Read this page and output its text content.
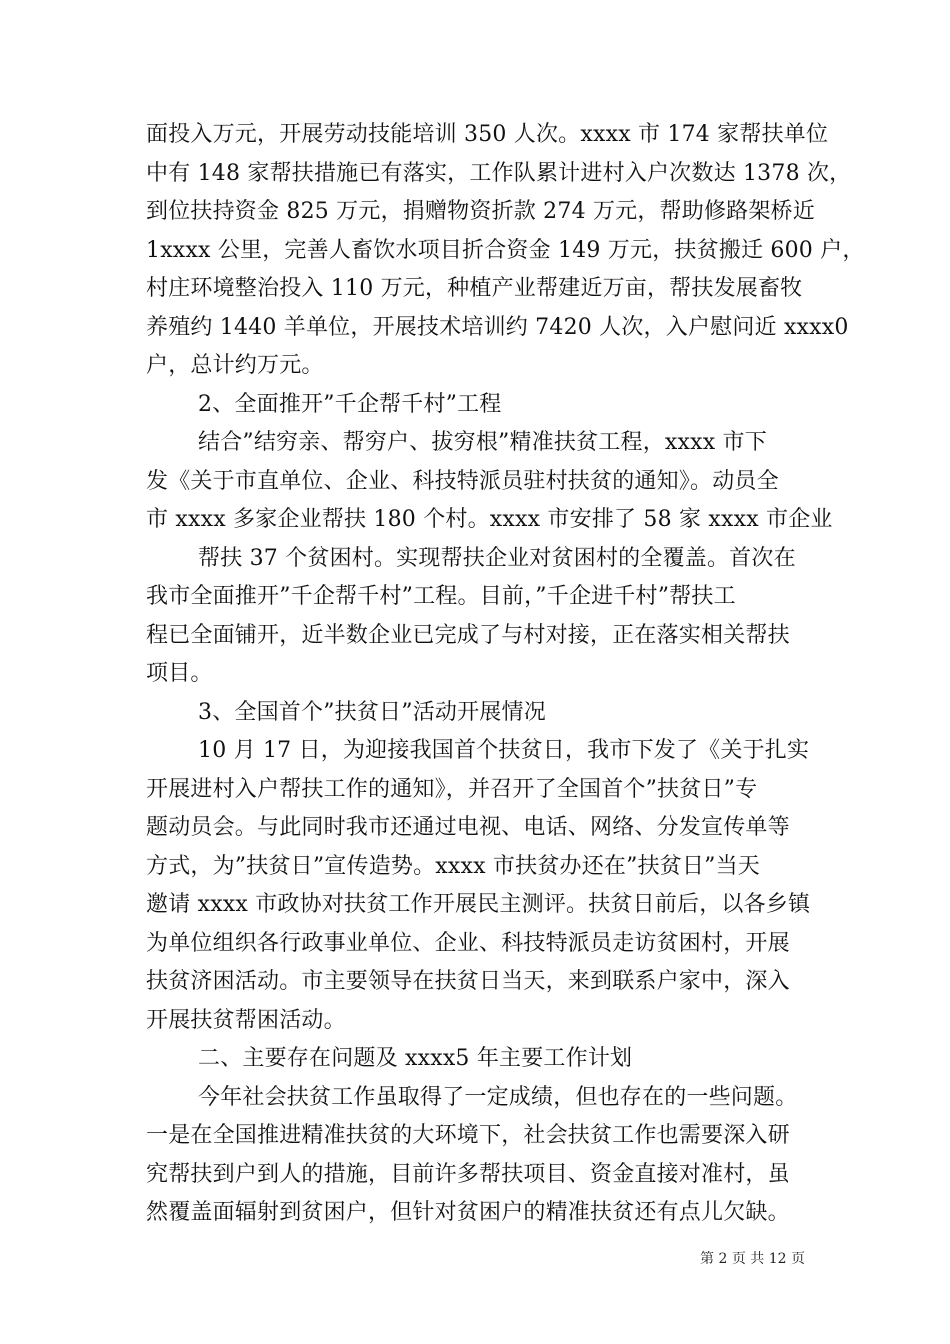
面投入万元，开展劳动技能培训 350 人次。xxxx 市 174 家帮扶单位
中有 148 家帮扶措施已有落实，工作队累计进村入户次数达 1378 次，
到位扶持资金 825 万元，捐赠物资折款 274 万元，帮助修路架桥近
1xxxx 公里，完善人畜饮水项目折合资金 149 万元，扶贫搬迁 600 户，
村庄环境整治投入 110 万元，种植产业帮建近万亩，帮扶发展畜牧
养殖约 1440 羊单位，开展技术培训约 7420 人次，入户慰问近 xxxx0
户，总计约万元。
2、全面推开”千企帮千村”工程
结合”结穷亲、帮穷户、拔穷根”精准扶贫工程，xxxx 市下
发《关于市直单位、企业、科技特派员驻村扶贫的通知》。动员全
市 xxxx 多家企业帮扶 180 个村。xxxx 市安排了 58 家 xxxx 市企业
帮扶 37 个贫困村。实现帮扶企业对贫困村的全覆盖。首次在
我市全面推开”千企帮千村”工程。目前，”千企进千村”帮扶工
程已全面铺开，近半数企业已完成了与村对接，正在落实相关帮扶
项目。
3、全国首个”扶贫日”活动开展情况
10 月 17 日，为迎接我国首个扶贫日，我市下发了《关于扎实
开展进村入户帮扶工作的通知》，并召开了全国首个”扶贫日”专
题动员会。与此同时我市还通过电视、电话、网络、分发宣传单等
方式，为”扶贫日”宣传造势。xxxx 市扶贫办还在”扶贫日”当天
邀请 xxxx 市政协对扶贫工作开展民主测评。扶贫日前后，以各乡镇
为单位组织各行政事业单位、企业、科技特派员走访贫困村，开展
扶贫济困活动。市主要领导在扶贫日当天，来到联系户家中，深入
开展扶贫帮困活动。
二、主要存在问题及 xxxx5 年主要工作计划
今年社会扶贫工作虽取得了一定成绩，但也存在的一些问题。
一是在全国推进精准扶贫的大环境下，社会扶贫工作也需要深入研
究帮扶到户到人的措施，目前许多帮扶项目、资金直接对准村，虽
然覆盖面辐射到贫困户，但针对贫困户的精准扶贫还有点儿欠缺。
第 2 页 共 12 页
